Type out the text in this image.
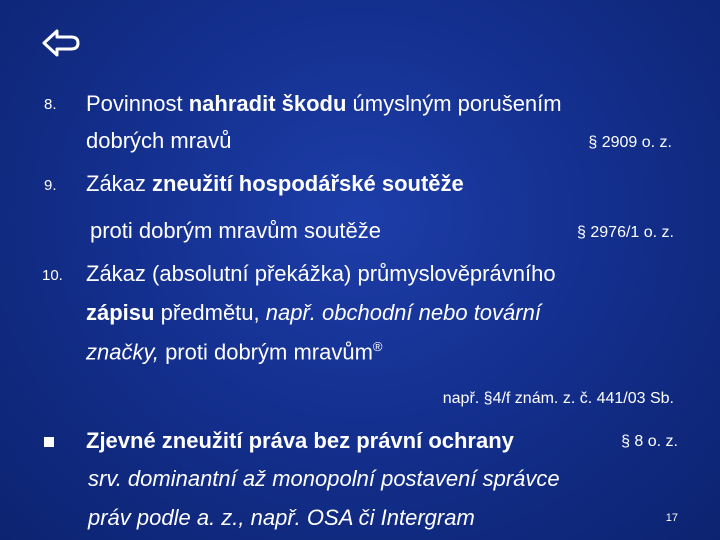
8. Povinnost nahradit škodu úmyslným porušením
dobrých mravů	§ 2909 o. z.
9. Zákaz zneužití hospodářské soutěže
proti dobrým mravům soutěže	§ 2976/1 o. z.
10. Zákaz (absolutní překážka) průmyslověprávního
zápisu předmětu, např. obchodní nebo tovární
značky, proti dobrým mravům®
např. §4/f znám. z. č. 441/03 Sb.
Zjevné zneužití práva bez právní ochrany	§ 8 o. z.
srv. dominantní až monopolní postavení správce
práv podle a. z., např. OSA či Intergram	17
